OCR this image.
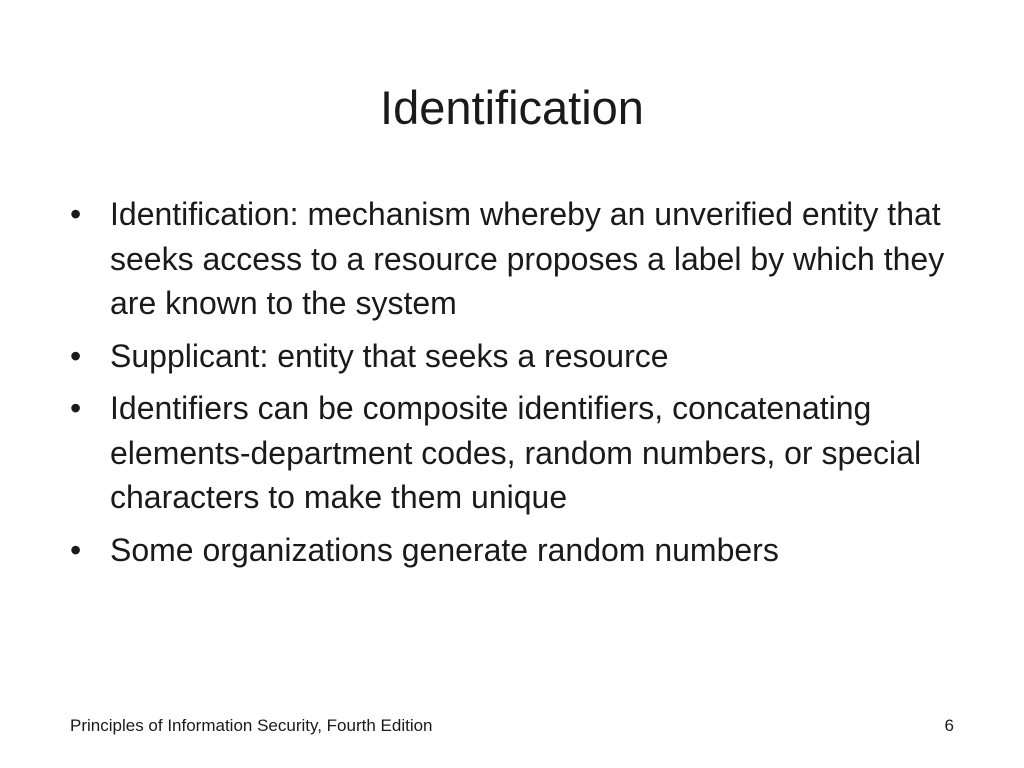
Identification
• Identification: mechanism whereby an unverified entity that seeks access to a resource proposes a label by which they are known to the system
• Supplicant: entity that seeks a resource
• Identifiers can be composite identifiers, concatenating elements-department codes, random numbers, or special characters to make them unique
• Some organizations generate random numbers
Principles of Information Security, Fourth Edition	6
